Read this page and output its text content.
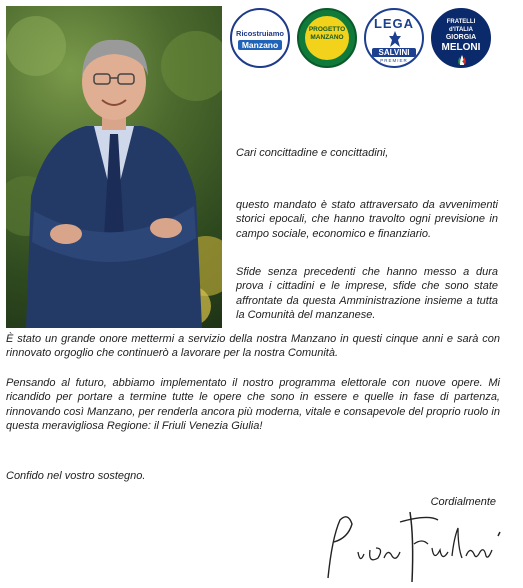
Ricostruiamo
Manzano
PROGETTO MANZANO
LEGA
SALVINI
PREMIER
FRATELLI
d'ITALIA
GIORGIA
MELONI

Cari concittadine e concittadini,

questo mandato è stato attraversato da avvenimenti storici epocali, che hanno travolto ogni previsione in campo sociale, economico e finanziario.

Sfide senza precedenti che hanno messo a dura prova i cittadini e le imprese, sfide che sono state affrontate da questa Amministrazione insieme a tutta la Comunità del manzanese.

È stato un grande onore mettermi a servizio della nostra Manzano in questi cinque anni e sarà con rinnovato orgoglio che continuerò a lavorare per la nostra Comunità.

Pensando al futuro, abbiamo implementato il nostro programma elettorale con nuove opere. Mi ricandido per portare a termine tutte le opere che sono in essere e quelle in fase di partenza, rinnovando così Manzano, per renderla ancora più moderna, vitale e consapevole del proprio ruolo in questa meravigliosa Regione: il Friuli Venezia Giulia!

Confido nel vostro sostegno.

Cordialmente
